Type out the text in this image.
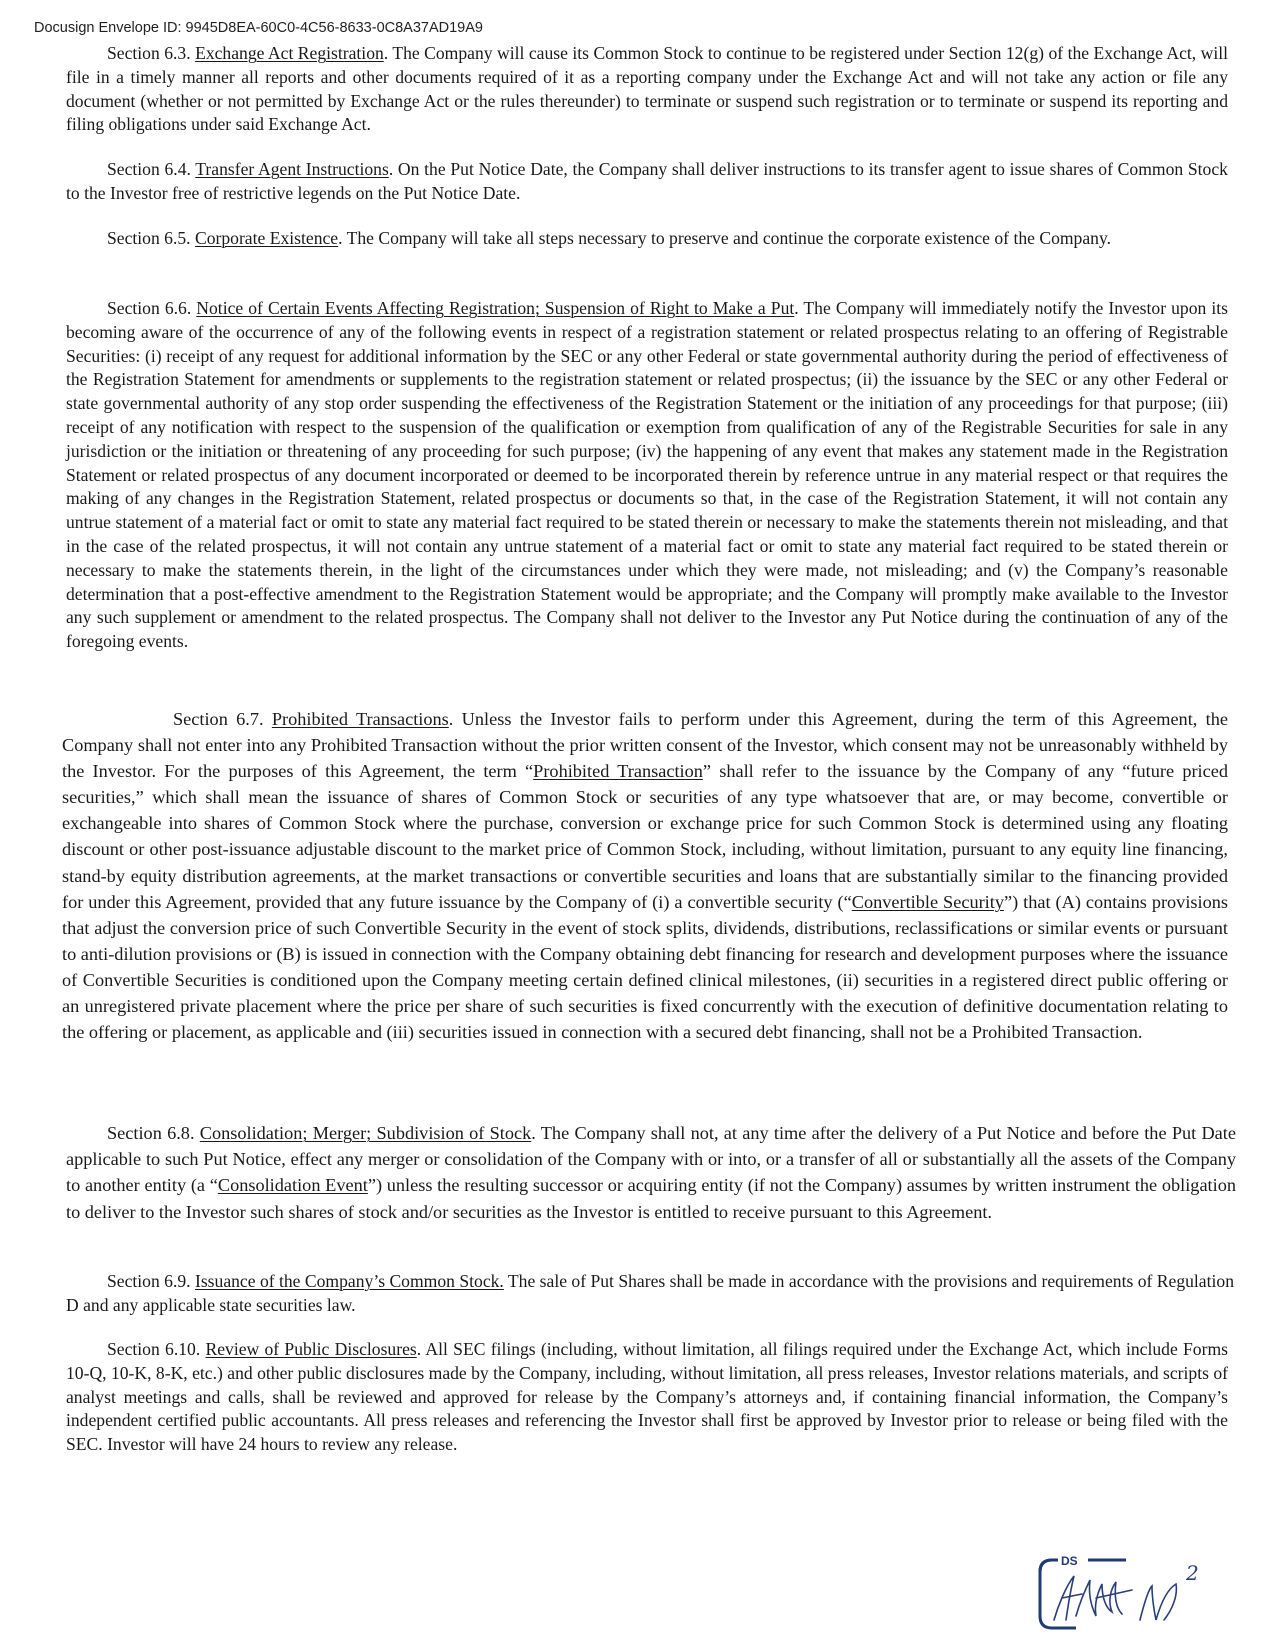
Docusign Envelope ID: 9945D8EA-60C0-4C56-8633-0C8A37AD19A9

Section 6.3. Exchange Act Registration. The Company will cause its Common Stock to continue to be registered under Section 12(g) of the Exchange Act, will file in a timely manner all reports and other documents required of it as a reporting company under the Exchange Act and will not take any action or file any document (whether or not permitted by Exchange Act or the rules thereunder) to terminate or suspend such registration or to terminate or suspend its reporting and filing obligations under said Exchange Act.

Section 6.4. Transfer Agent Instructions. On the Put Notice Date, the Company shall deliver instructions to its transfer agent to issue shares of Common Stock to the Investor free of restrictive legends on the Put Notice Date.

Section 6.5. Corporate Existence. The Company will take all steps necessary to preserve and continue the corporate existence of the Company.

Section 6.6. Notice of Certain Events Affecting Registration; Suspension of Right to Make a Put. The Company will immediately notify the Investor upon its becoming aware of the occurrence of any of the following events in respect of a registration statement or related prospectus relating to an offering of Registrable Securities: (i) receipt of any request for additional information by the SEC or any other Federal or state governmental authority during the period of effectiveness of the Registration Statement for amendments or supplements to the registration statement or related prospectus; (ii) the issuance by the SEC or any other Federal or state governmental authority of any stop order suspending the effectiveness of the Registration Statement or the initiation of any proceedings for that purpose; (iii) receipt of any notification with respect to the suspension of the qualification or exemption from qualification of any of the Registrable Securities for sale in any jurisdiction or the initiation or threatening of any proceeding for such purpose; (iv) the happening of any event that makes any statement made in the Registration Statement or related prospectus of any document incorporated or deemed to be incorporated therein by reference untrue in any material respect or that requires the making of any changes in the Registration Statement, related prospectus or documents so that, in the case of the Registration Statement, it will not contain any untrue statement of a material fact or omit to state any material fact required to be stated therein or necessary to make the statements therein not misleading, and that in the case of the related prospectus, it will not contain any untrue statement of a material fact or omit to state any material fact required to be stated therein or necessary to make the statements therein, in the light of the circumstances under which they were made, not misleading; and (v) the Company’s reasonable determination that a post-effective amendment to the Registration Statement would be appropriate; and the Company will promptly make available to the Investor any such supplement or amendment to the related prospectus. The Company shall not deliver to the Investor any Put Notice during the continuation of any of the foregoing events.

Section 6.7. Prohibited Transactions. Unless the Investor fails to perform under this Agreement, during the term of this Agreement, the Company shall not enter into any Prohibited Transaction without the prior written consent of the Investor, which consent may not be unreasonably withheld by the Investor. For the purposes of this Agreement, the term “Prohibited Transaction” shall refer to the issuance by the Company of any “future priced securities,” which shall mean the issuance of shares of Common Stock or securities of any type whatsoever that are, or may become, convertible or exchangeable into shares of Common Stock where the purchase, conversion or exchange price for such Common Stock is determined using any floating discount or other post-issuance adjustable discount to the market price of Common Stock, including, without limitation, pursuant to any equity line financing, stand-by equity distribution agreements, at the market transactions or convertible securities and loans that are substantially similar to the financing provided for under this Agreement, provided that any future issuance by the Company of (i) a convertible security (“Convertible Security”) that (A) contains provisions that adjust the conversion price of such Convertible Security in the event of stock splits, dividends, distributions, reclassifications or similar events or pursuant to anti-dilution provisions or (B) is issued in connection with the Company obtaining debt financing for research and development purposes where the issuance of Convertible Securities is conditioned upon the Company meeting certain defined clinical milestones, (ii) securities in a registered direct public offering or an unregistered private placement where the price per share of such securities is fixed concurrently with the execution of definitive documentation relating to the offering or placement, as applicable and (iii) securities issued in connection with a secured debt financing, shall not be a Prohibited Transaction.

Section 6.8. Consolidation; Merger; Subdivision of Stock. The Company shall not, at any time after the delivery of a Put Notice and before the Put Date applicable to such Put Notice, effect any merger or consolidation of the Company with or into, or a transfer of all or substantially all the assets of the Company to another entity (a “Consolidation Event”) unless the resulting successor or acquiring entity (if not the Company) assumes by written instrument the obligation to deliver to the Investor such shares of stock and/or securities as the Investor is entitled to receive pursuant to this Agreement.

Section 6.9. Issuance of the Company’s Common Stock. The sale of Put Shares shall be made in accordance with the provisions and requirements of Regulation D and any applicable state securities law.

Section 6.10. Review of Public Disclosures. All SEC filings (including, without limitation, all filings required under the Exchange Act, which include Forms 10-Q, 10-K, 8-K, etc.) and other public disclosures made by the Company, including, without limitation, all press releases, Investor relations materials, and scripts of analyst meetings and calls, shall be reviewed and approved for release by the Company’s attorneys and, if containing financial information, the Company’s independent certified public accountants. All press releases and referencing the Investor shall first be approved by Investor prior to release or being filed with the SEC. Investor will have 24 hours to review any release.

DS	2
